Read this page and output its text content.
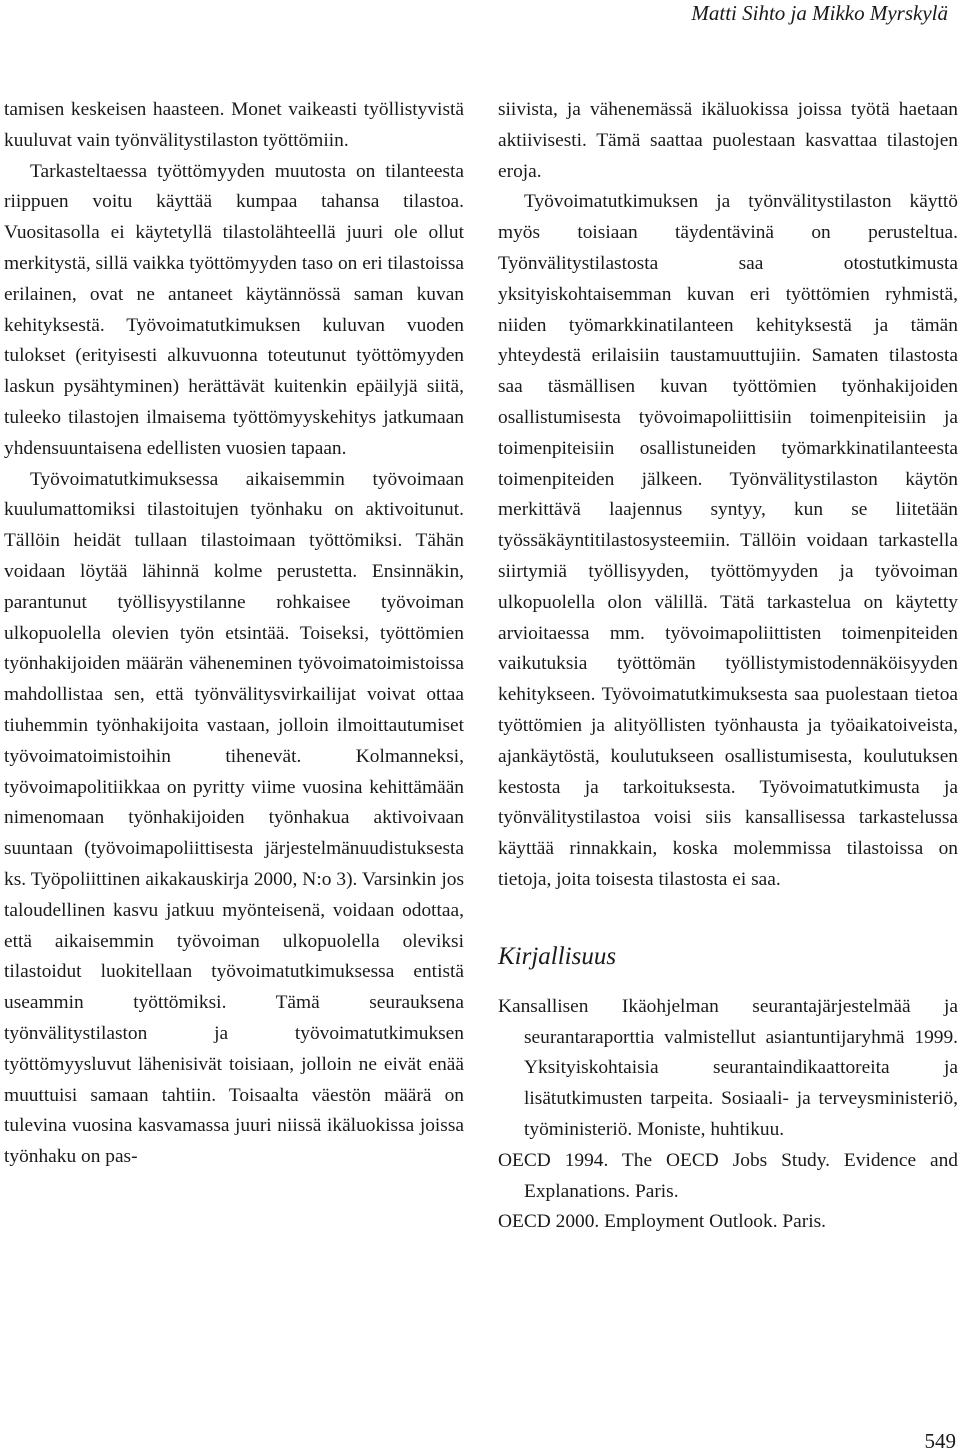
Matti Sihto ja Mikko Myrskylä

tamisen keskeisen haasteen. Monet vaikeasti työllistyvistä kuuluvat vain työnvälitystilaston työttömiin.

Tarkasteltaessa työttömyyden muutosta on tilanteesta riippuen voitu käyttää kumpaa tahansa tilastoa. Vuositasolla ei käytetyllä tilastolähteellä juuri ole ollut merkitystä, sillä vaikka työttömyyden taso on eri tilastoissa erilainen, ovat ne antaneet käytännössä saman kuvan kehityksestä. Työvoimatutkimuksen kuluvan vuoden tulokset (erityisesti alkuvuonna toteutunut työttömyyden laskun pysähtyminen) herättävät kuitenkin epäilyjä siitä, tuleeko tilastojen ilmaisema työttömyyskehitys jatkumaan yhdensuuntaisena edellisten vuosien tapaan.

Työvoimatutkimuksessa aikaisemmin työvoimaan kuulumattomiksi tilastoitujen työnhaku on aktivoitunut. Tällöin heidät tullaan tilastoimaan työttömiksi. Tähän voidaan löytää lähinnä kolme perustetta. Ensinnäkin, parantunut työllisyystilanne rohkaisee työvoiman ulkopuolella olevien työn etsintää. Toiseksi, työttömien työnhakijoiden määrän väheneminen työvoimatoimistoissa mahdollistaa sen, että työnvälitysvirkailijat voivat ottaa tiuhemmin työnhakijoita vastaan, jolloin ilmoittautumiset työvoimatoimistoihin tihenevät. Kolmanneksi, työvoimapolitiikkaa on pyritty viime vuosina kehittämään nimenomaan työnhakijoiden työnhakua aktivoivaan suuntaan (työvoimapoliittisesta järjestelmänuudistuksesta ks. Työpoliittinen aikakauskirja 2000, N:o 3). Varsinkin jos taloudellinen kasvu jatkuu myönteisenä, voidaan odottaa, että aikaisemmin työvoiman ulkopuolella oleviksi tilastoidut luokitellaan työvoimatutkimuksessa entistä useammin työttömiksi. Tämä seurauksena työnvälitystilaston ja työvoimatutkimuksen työttömyysluvut lähenisivät toisiaan, jolloin ne eivät enää muuttuisi samaan tahtiin. Toisaalta väestön määrä on tulevina vuosina kasvamassa juuri niissä ikäluokissa joissa työnhaku on pas-

siivista, ja vähenemässä ikäluokissa joissa työtä haetaan aktiivisesti. Tämä saattaa puolestaan kasvattaa tilastojen eroja.

Työvoimatutkimuksen ja työnvälitystilaston käyttö myös toisiaan täydentävinä on perusteltua. Työnvälitystilastosta saa otostutkimusta yksityiskohtaisemman kuvan eri työttömien ryhmistä, niiden työmarkkinatilanteen kehityksestä ja tämän yhteydestä erilaisiin taustamuuttujiin. Samaten tilastosta saa täsmällisen kuvan työttömien työnhakijoiden osallistumisesta työvoimapoliittisiin toimenpiteisiin ja toimenpiteisiin osallistuneiden työmarkkinatilanteesta toimenpiteiden jälkeen. Työnvälitystilaston käytön merkittävä laajennus syntyy, kun se liitetään työssäkäyntitilastosysteemiin. Tällöin voidaan tarkastella siirtymiä työllisyyden, työttömyyden ja työvoiman ulkopuolella olon välillä. Tätä tarkastelua on käytetty arvioitaessa mm. työvoimapoliittisten toimenpiteiden vaikutuksia työttömän työllistymistodennäköisyyden kehitykseen. Työvoimatutkimuksesta saa puolestaan tietoa työttömien ja alityöllisten työnhausta ja työaikatoiveista, ajankäytöstä, koulutukseen osallistumisesta, koulutuksen kestosta ja tarkoituksesta. Työvoimatutkimusta ja työnvälitystilastoa voisi siis kansallisessa tarkastelussa käyttää rinnakkain, koska molemmissa tilastoissa on tietoja, joita toisesta tilastosta ei saa.

Kirjallisuus

Kansallisen Ikäohjelman seurantajärjestelmää ja seurantaraporttia valmistellut asiantuntijaryhmä 1999. Yksityiskohtaisia seurantaindikaattoreita ja lisätutkimusten tarpeita. Sosiaali- ja terveysministeriö, työministeriö. Moniste, huhtikuu.

OECD 1994. The OECD Jobs Study. Evidence and Explanations. Paris.

OECD 2000. Employment Outlook. Paris.

549
